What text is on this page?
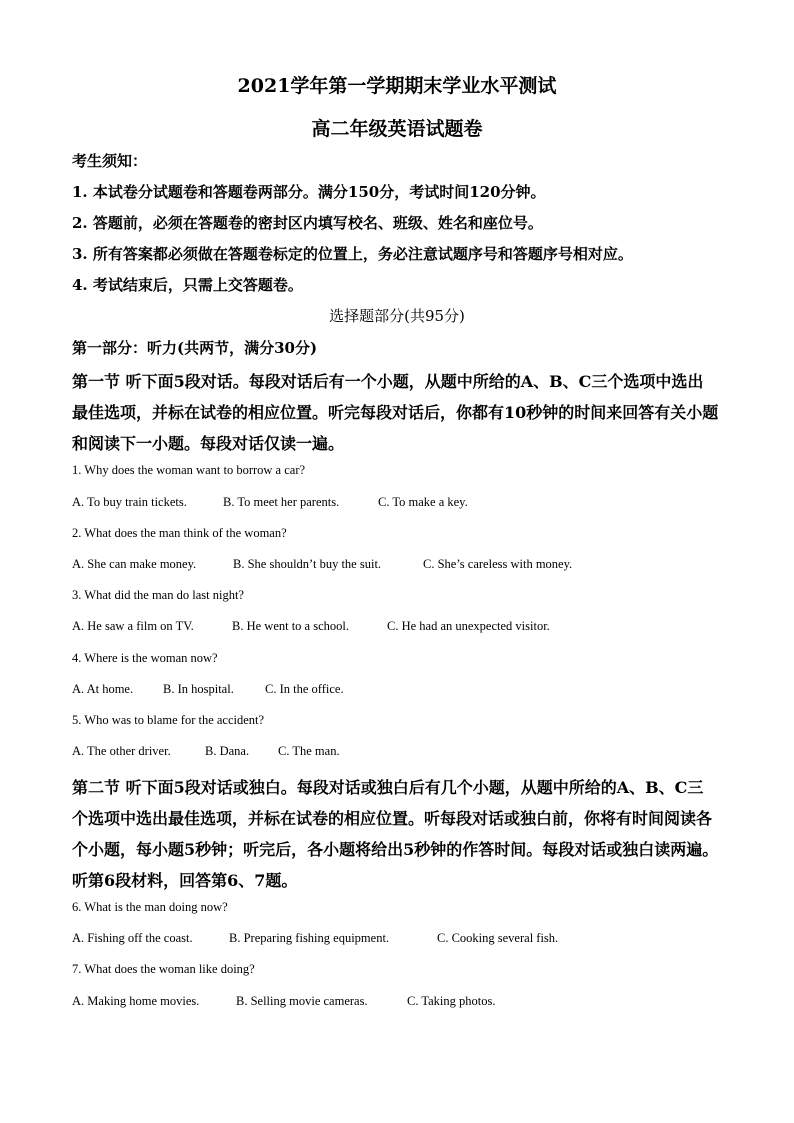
2021学年第一学期期末学业水平测试
高二年级英语试题卷
考生须知：
1. 本试卷分试题卷和答题卷两部分。满分150分，考试时间120分钟。
2. 答题前，必须在答题卷的密封区内填写校名、班级、姓名和座位号。
3. 所有答案都必须做在答题卷标定的位置上，务必注意试题序号和答题序号相对应。
4. 考试结束后，只需上交答题卷。
选择题部分(共95分)
第一部分：听力(共两节，满分30分)
第一节 听下面5段对话。每段对话后有一个小题，从题中所给的A、B、C三个选项中选出
最佳选项，并标在试卷的相应位置。听完每段对话后，你都有10秒钟的时间来回答有关小题
和阅读下一小题。每段对话仅读一遍。
1. Why does the woman want to borrow a car?
A. To buy train tickets.	B. To meet her parents.	C. To make a key.
2. What does the man think of the woman?
A. She can make money.	B. She shouldn’t buy the suit.	C. She’s careless with money.
3. What did the man do last night?
A. He saw a film on TV.	B. He went to a school.	C. He had an unexpected visitor.
4. Where is the woman now?
A. At home. B. In hospital. C. In the office.
5. Who was to blame for the accident?
A. The other driver.	B. Dana. C. The man.
第二节 听下面5段对话或独白。每段对话或独白后有几个小题，从题中所给的A、B、C三
个选项中选出最佳选项，并标在试卷的相应位置。听每段对话或独白前，你将有时间阅读各
个小题，每小题5秒钟；听完后，各小题将给出5秒钟的作答时间。每段对话或独白读两遍。
听第6段材料，回答第6、7题。
6. What is the man doing now?
A. Fishing off the coast.	B. Preparing fishing equipment.	C. Cooking several fish.
7. What does the woman like doing?
A. Making home movies.	B. Selling movie cameras.	C. Taking photos.
